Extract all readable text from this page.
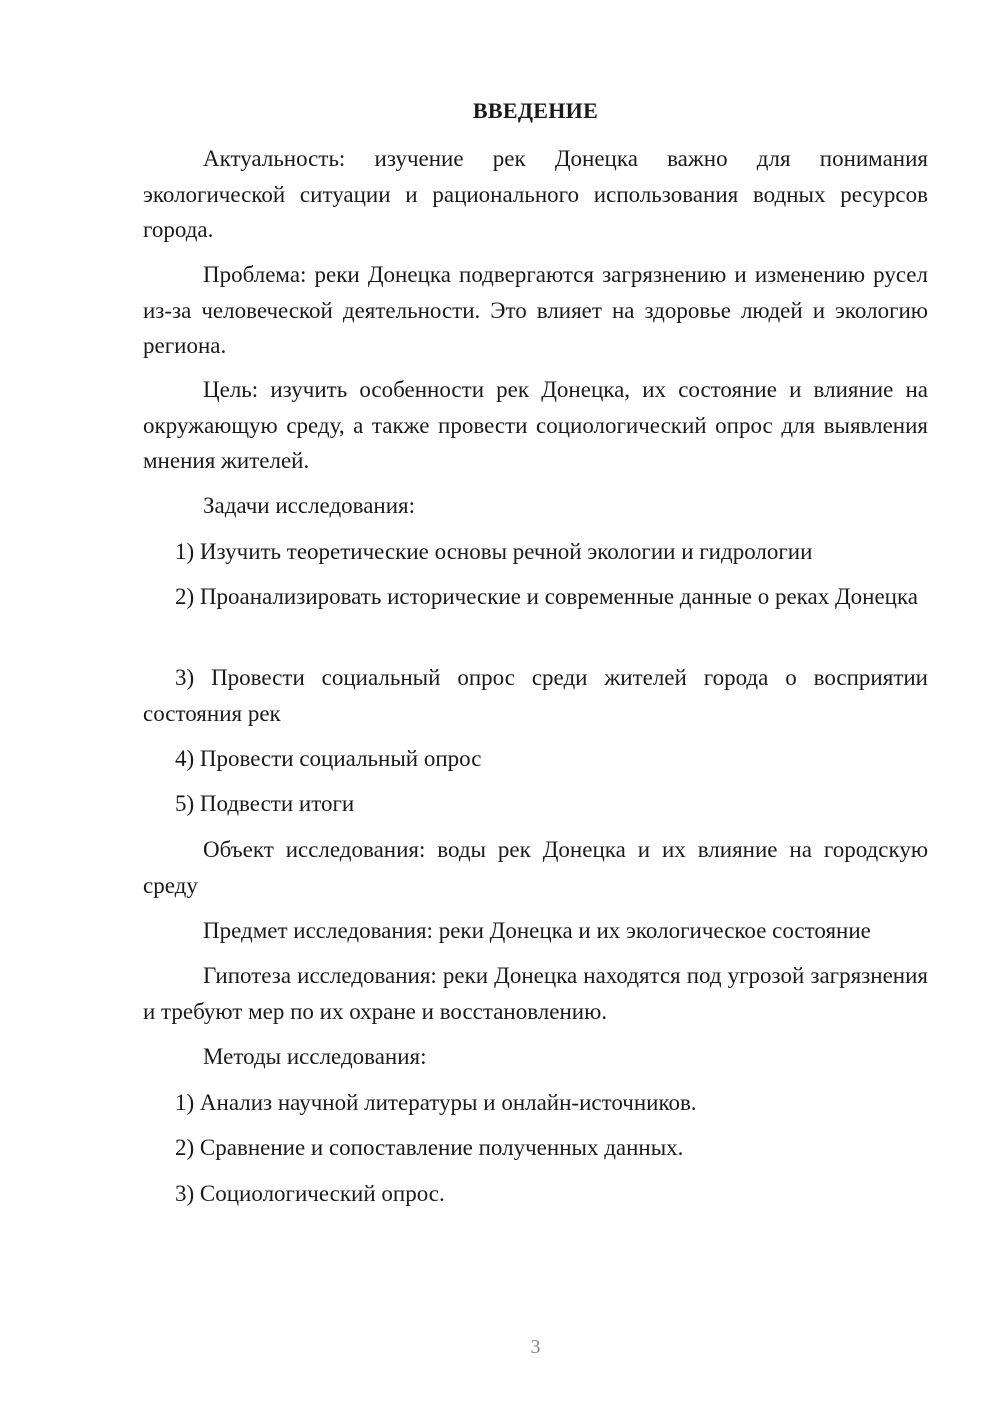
ВВЕДЕНИЕ

Актуальность: изучение рек Донецка важно для понимания экологической ситуации и рационального использования водных ресурсов города.

Проблема: реки Донецка подвергаются загрязнению и изменению русел из-за человеческой деятельности. Это влияет на здоровье людей и экологию региона.

Цель: изучить особенности рек Донецка, их состояние и влияние на окружающую среду, а также провести социологический опрос для выявления мнения жителей.

Задачи исследования:

1) Изучить теоретические основы речной экологии и гидрологии

2) Проанализировать исторические и современные данные о реках Донецка

3) Провести социальный опрос среди жителей города о восприятии состояния рек

4) Провести социальный опрос

5) Подвести итоги

Объект исследования: воды рек Донецка и их влияние на городскую среду

Предмет исследования: реки Донецка и их экологическое состояние

Гипотеза исследования: реки Донецка находятся под угрозой загрязнения и требуют мер по их охране и восстановлению.

Методы исследования:

1) Анализ научной литературы и онлайн-источников.

2) Сравнение и сопоставление полученных данных.

3) Социологический опрос.

3
